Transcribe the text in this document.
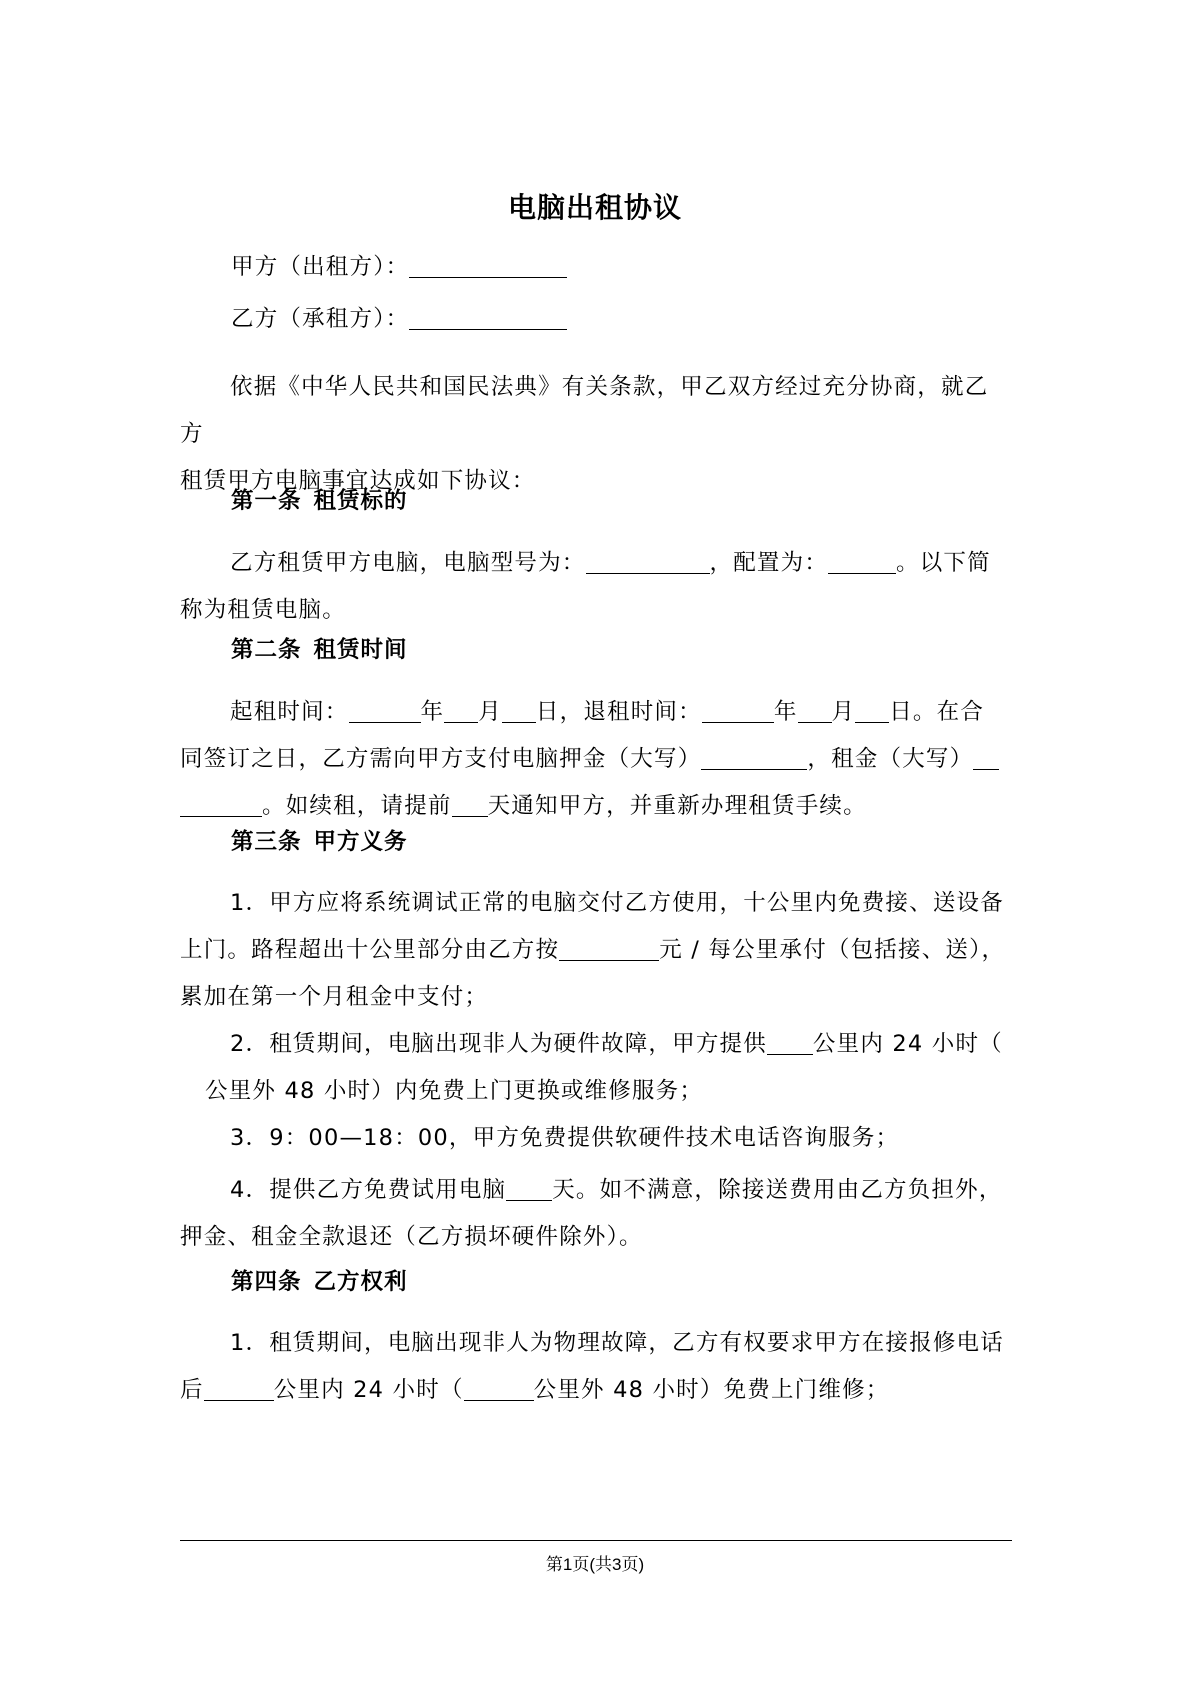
电脑出租协议
甲方（出租方）：
乙方（承租方）：
依据《中华人民共和国民法典》有关条款，甲乙双方经过充分协商，就乙方
租赁甲方电脑事宜达成如下协议：
第一条 租赁标的
乙方租赁甲方电脑，电脑型号为：	，配置为：	。以下简
称为租赁电脑。
第二条 租赁时间
起租时间：	年 月 日，退租时间：	年 月 日。在合
同签订之日，乙方需向甲方支付电脑押金（大写）	，租金（大写）
。如续租，请提前 天通知甲方，并重新办理租赁手续。
第三条 甲方义务
1．甲方应将系统调试正常的电脑交付乙方使用，十公里内免费接、送设备
上门。路程超出十公里部分由乙方按	元 / 每公里承付（包括接、送），
累加在第一个月租金中支付；
2．租赁期间，电脑出现非人为硬件故障，甲方提供 公里内 24 小时（
公里外 48 小时）内免费上门更换或维修服务；
3．9：00—18：00，甲方免费提供软硬件技术电话咨询服务；
4．提供乙方免费试用电脑 天。如不满意，除接送费用由乙方负担外，
押金、租金全款退还（乙方损坏硬件除外）。
第四条 乙方权利
1．租赁期间，电脑出现非人为物理故障，乙方有权要求甲方在接报修电话
后	公里内 24 小时（	公里外 48 小时）免费上门维修；
第1页(共3页)
